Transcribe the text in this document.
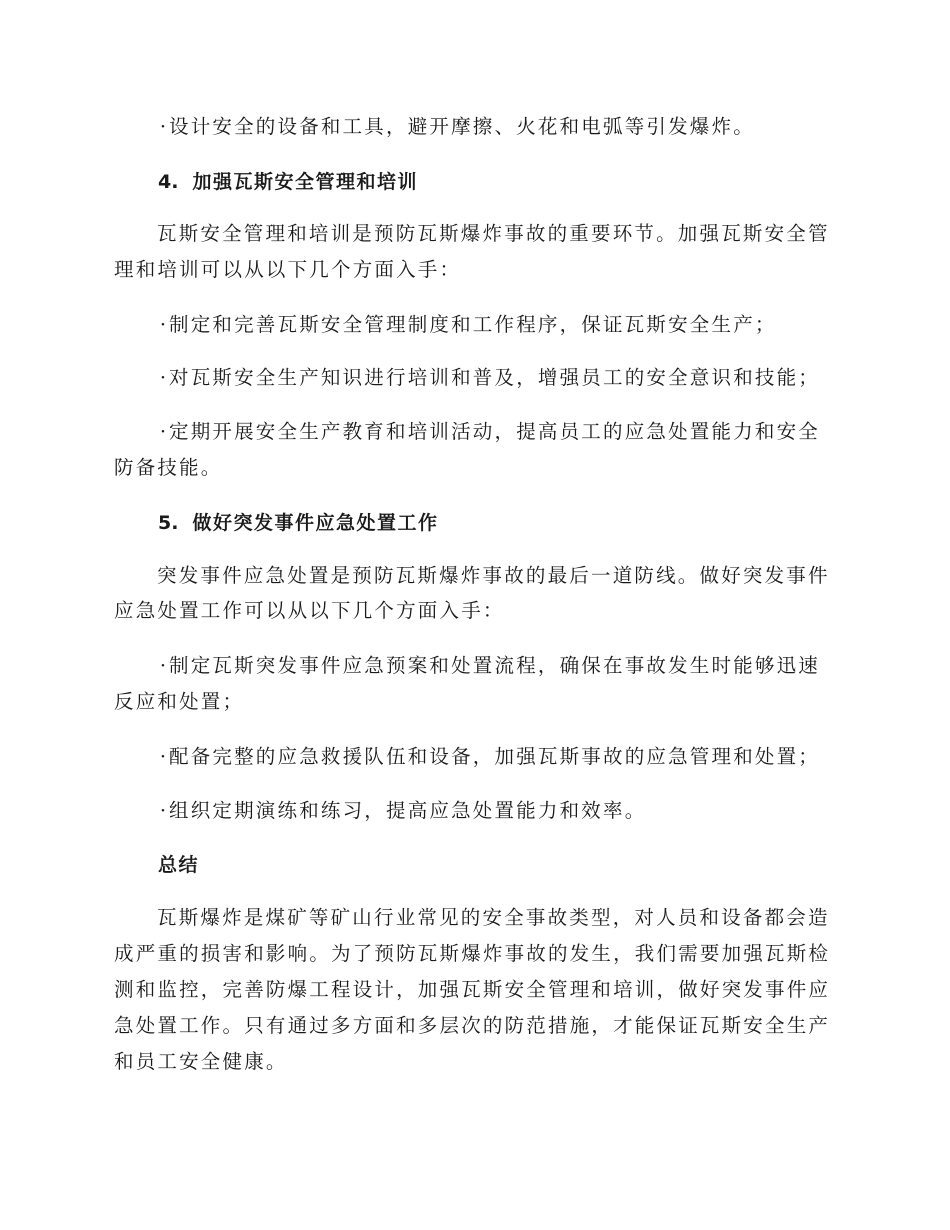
· 设计安全的设备和工具，避开摩擦、火花和电弧等引发爆炸。
4. 加强瓦斯安全管理和培训
瓦斯安全管理和培训是预防瓦斯爆炸事故的重要环节。加强瓦斯安全管
理和培训可以从以下几个方面入手：
· 制定和完善瓦斯安全管理制度和工作程序，保证瓦斯安全生产；
· 对瓦斯安全生产知识进行培训和普及，增强员工的安全意识和技能；
· 定期开展安全生产教育和培训活动，提高员工的应急处置能力和安全
防备技能。
5. 做好突发事件应急处置工作
突发事件应急处置是预防瓦斯爆炸事故的最后一道防线。做好突发事件
应急处置工作可以从以下几个方面入手：
· 制定瓦斯突发事件应急预案和处置流程，确保在事故发生时能够迅速
反应和处置；
· 配备完整的应急救援队伍和设备，加强瓦斯事故的应急管理和处置；
· 组织定期演练和练习，提高应急处置能力和效率。
总结
瓦斯爆炸是煤矿等矿山行业常见的安全事故类型，对人员和设备都会造
成严重的损害和影响。为了预防瓦斯爆炸事故的发生，我们需要加强瓦斯检
测和监控，完善防爆工程设计，加强瓦斯安全管理和培训，做好突发事件应
急处置工作。只有通过多方面和多层次的防范措施，才能保证瓦斯安全生产
和员工安全健康。
